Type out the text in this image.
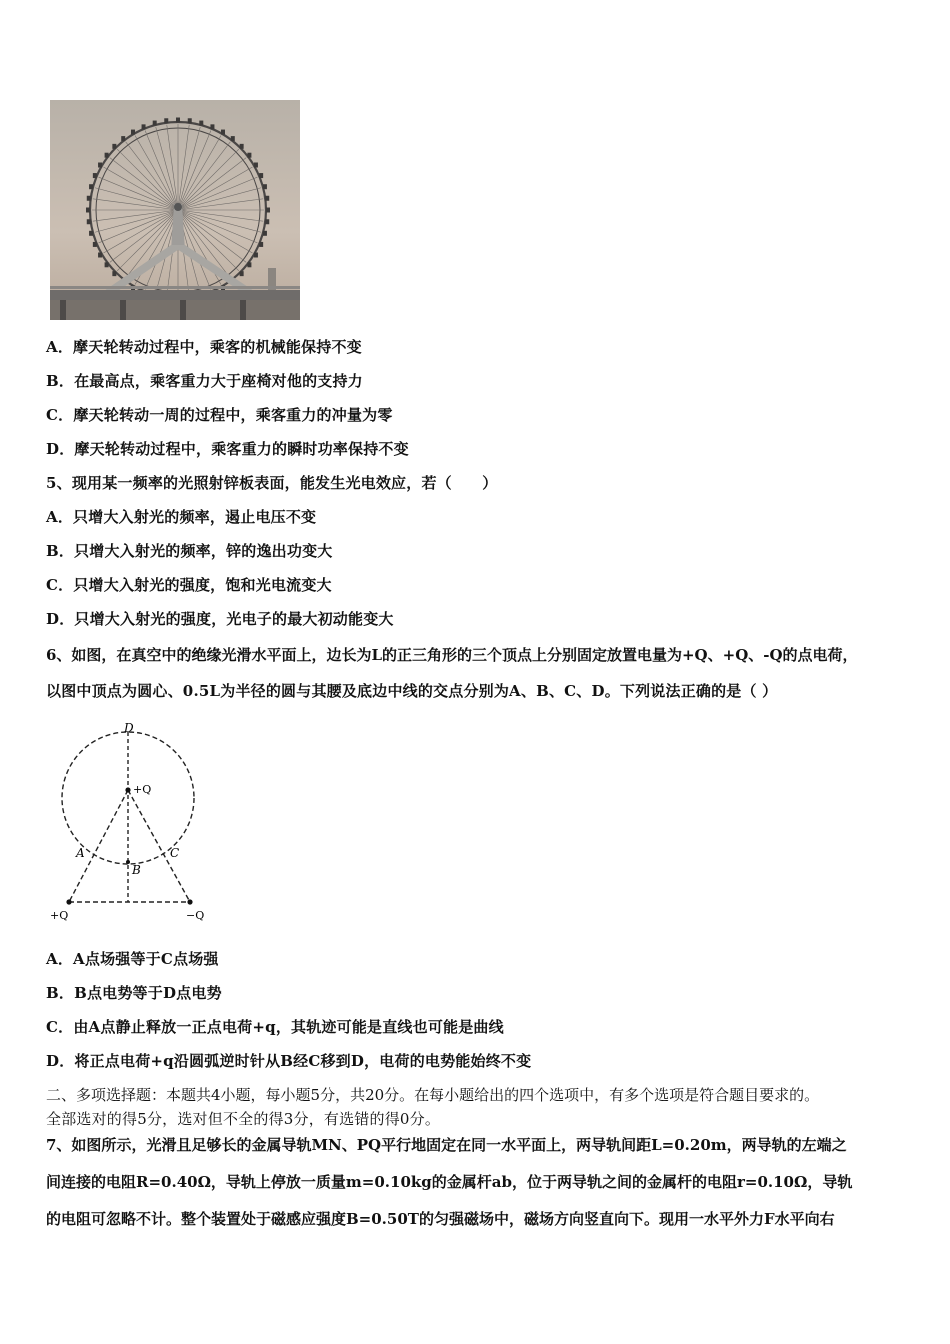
A．摩天轮转动过程中，乘客的机械能保持不变
B．在最高点，乘客重力大于座椅对他的支持力
C．摩天轮转动一周的过程中，乘客重力的冲量为零
D．摩天轮转动过程中，乘客重力的瞬时功率保持不变
5、现用某一频率的光照射锌板表面，能发生光电效应，若（　　）
A．只增大入射光的频率，遏止电压不变
B．只增大入射光的频率，锌的逸出功变大
C．只增大入射光的强度，饱和光电流变大
D．只增大入射光的强度，光电子的最大初动能变大
6、如图，在真空中的绝缘光滑水平面上，边长为L的正三角形的三个顶点上分别固定放置电量为+Q、+Q、-Q的点电荷，
以图中顶点为圆心、0.5L为半径的圆与其腰及底边中线的交点分别为A、B、C、D。下列说法正确的是（ ）
D
+Q
A
B
C
+Q	−Q
A．A点场强等于C点场强
B．B点电势等于D点电势
C．由A点静止释放一正点电荷+q，其轨迹可能是直线也可能是曲线
D．将正点电荷+q沿圆弧逆时针从B经C移到D，电荷的电势能始终不变
二、多项选择题：本题共4小题，每小题5分，共20分。在每小题给出的四个选项中，有多个选项是符合题目要求的。
全部选对的得5分，选对但不全的得3分，有选错的得0分。
7、如图所示，光滑且足够长的金属导轨MN、PQ平行地固定在同一水平面上，两导轨间距L=0.20m，两导轨的左端之
间连接的电阻R=0.40Ω，导轨上停放一质量m=0.10kg的金属杆ab，位于两导轨之间的金属杆的电阻r=0.10Ω，导轨
的电阻可忽略不计。整个装置处于磁感应强度B=0.50T的匀强磁场中，磁场方向竖直向下。现用一水平外力F水平向右
